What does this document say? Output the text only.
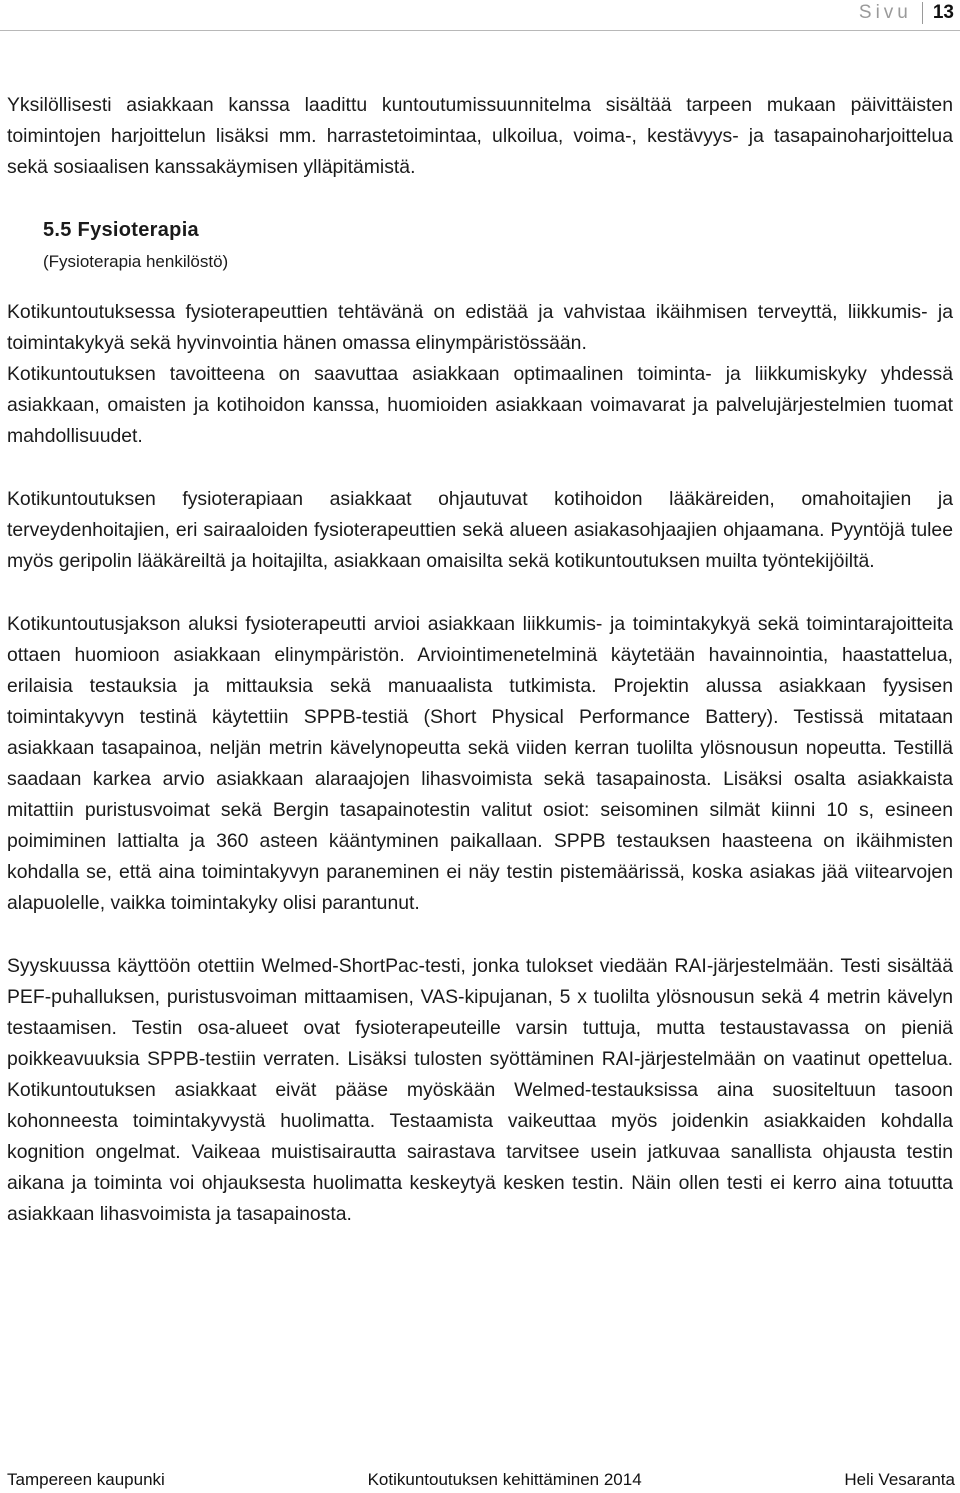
Sivu	13

Yksilöllisesti asiakkaan kanssa laadittu kuntoutumissuunnitelma sisältää tarpeen mukaan päivittäisten toimintojen harjoittelun lisäksi mm. harrastetoimintaa, ulkoilua, voima-, kestävyys- ja tasapainoharjoittelua sekä sosiaalisen kanssakäymisen ylläpitämistä.

5.5 Fysioterapia
(Fysioterapia henkilöstö)

Kotikuntoutuksessa fysioterapeuttien tehtävänä on edistää ja vahvistaa ikäihmisen terveyttä, liikkumis- ja toimintakykyä sekä hyvinvointia hänen omassa elinympäristössään.

Kotikuntoutuksen tavoitteena on saavuttaa asiakkaan optimaalinen toiminta- ja liikkumiskyky yhdessä asiakkaan, omaisten ja kotihoidon kanssa, huomioiden asiakkaan voimavarat ja palvelujärjestelmien tuomat mahdollisuudet.

Kotikuntoutuksen fysioterapiaan asiakkaat ohjautuvat kotihoidon lääkäreiden, omahoitajien ja terveydenhoitajien, eri sairaaloiden fysioterapeuttien sekä alueen asiakasohjaajien ohjaamana. Pyyntöjä tulee myös geripolin lääkäreiltä ja hoitajilta, asiakkaan omaisilta sekä kotikuntoutuksen muilta työntekijöiltä.

Kotikuntoutusjakson aluksi fysioterapeutti arvioi asiakkaan liikkumis- ja toimintakykyä sekä toimintarajoitteita ottaen huomioon asiakkaan elinympäristön. Arviointimenetelminä käytetään havainnointia, haastattelua, erilaisia testauksia ja mittauksia sekä manuaalista tutkimista. Projektin alussa asiakkaan fyysisen toimintakyvyn testinä käytettiin SPPB-testiä (Short Physical Performance Battery). Testissä mitataan asiakkaan tasapainoa, neljän metrin kävelynopeutta sekä viiden kerran tuolilta ylösnousun nopeutta. Testillä saadaan karkea arvio asiakkaan alaraajojen lihasvoimista sekä tasapainosta. Lisäksi osalta asiakkaista mitattiin puristusvoimat sekä Bergin tasapainotestin valitut osiot: seisominen silmät kiinni 10 s, esineen poimiminen lattialta ja 360 asteen kääntyminen paikallaan. SPPB testauksen haasteena on ikäihmisten kohdalla se, että aina toimintakyvyn paraneminen ei näy testin pistemäärissä, koska asiakas jää viitearvojen alapuolelle, vaikka toimintakyky olisi parantunut.

Syyskuussa käyttöön otettiin Welmed-ShortPac-testi, jonka tulokset viedään RAI-järjestelmään. Testi sisältää PEF-puhalluksen, puristusvoiman mittaamisen, VAS-kipujanan, 5 x tuolilta ylösnousun sekä 4 metrin kävelyn testaamisen. Testin osa-alueet ovat fysioterapeuteille varsin tuttuja, mutta testaustavassa on pieniä poikkeavuuksia SPPB-testiin verraten. Lisäksi tulosten syöttäminen RAI-järjestelmään on vaatinut opettelua. Kotikuntoutuksen asiakkaat eivät pääse myöskään Welmed-testauksissa aina suositeltuun tasoon kohonneesta toimintakyvystä huolimatta. Testaamista vaikeuttaa myös joidenkin asiakkaiden kohdalla kognition ongelmat. Vaikeaa muistisairautta sairastava tarvitsee usein jatkuvaa sanallista ohjausta testin aikana ja toiminta voi ohjauksesta huolimatta keskeytyä kesken testin. Näin ollen testi ei kerro aina totuutta asiakkaan lihasvoimista ja tasapainosta.

Tampereen kaupunki	Kotikuntoutuksen kehittäminen 2014	Heli Vesaranta
